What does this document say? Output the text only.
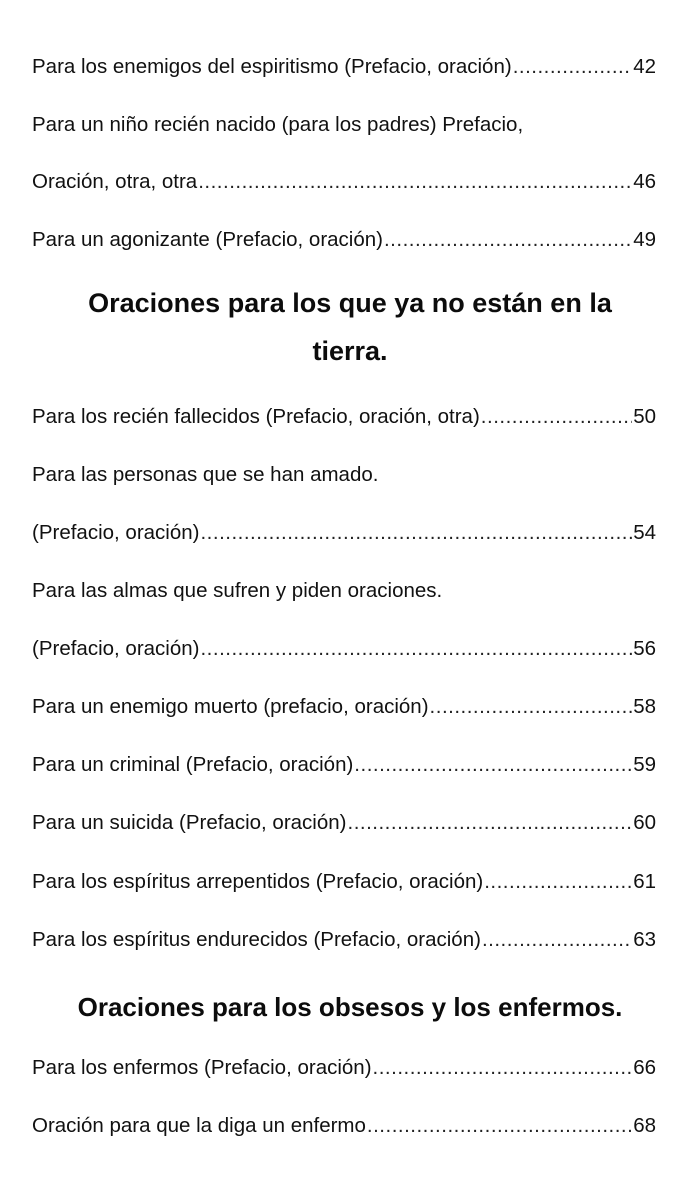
Para los enemigos del espiritismo (Prefacio, oración) .....	42
Para un niño recién nacido (para los padres) Prefacio,
Oración, otra, otra .....	46
Para un agonizante (Prefacio, oración) .....	49
Oraciones para los que ya no están en la
tierra.
Para los recién fallecidos (Prefacio, oración, otra) .....	50
Para las personas que se han amado.
(Prefacio, oración) .....	54
Para las almas que sufren y piden oraciones.
(Prefacio, oración) .....	56
Para un enemigo muerto (prefacio, oración) .....	58
Para un criminal (Prefacio, oración) .....	59
Para un suicida (Prefacio, oración) .....	60
Para los espíritus arrepentidos (Prefacio, oración) .....	61
Para los espíritus endurecidos (Prefacio, oración) .....	63
Oraciones para los obsesos y los enfermos.
Para los enfermos (Prefacio, oración) .....	66
Oración para que la diga un enfermo .....	68
